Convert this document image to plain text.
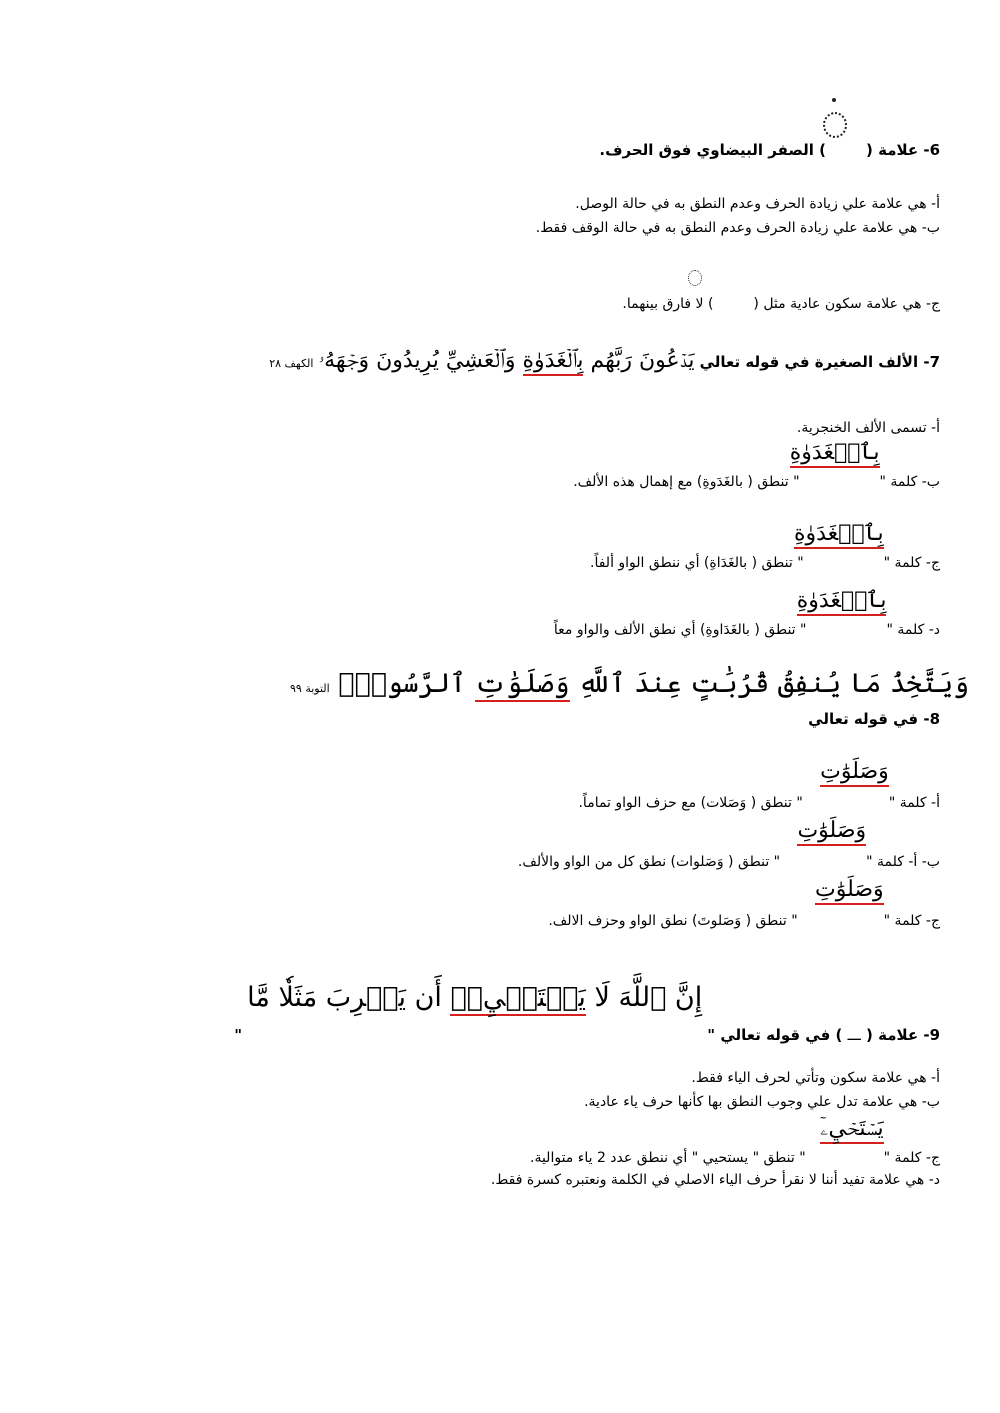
6- علامة () الصفر البيضاوي فوق الحرف.
أ- هي علامة علي زيادة الحرف وعدم النطق به في حالة الوصل.
ب- هي علامة علي زيادة الحرف وعدم النطق به في حالة الوقف فقط.
ج- هي علامة سكون عادية مثل () لا فارق بينهما.
7- الألف الصغيرة في قوله تعالي يَدۡعُونَ رَبَّهُم بِٱلۡغَدَوٰةِ وَٱلۡعَشِيِّ يُرِيدُونَ وَجۡهَهُۥ الكهف ٢٨
أ- تسمى الألف الخنجرية.
ب- كلمة "
بِٱلۡغَدَوٰةِ
" تنطق ( بالغَدَوةِ) مع إهمال هذه الألف.
ج- كلمة "
بِٱلۡغَدَوٰةِ
" تنطق ( بالغَدَاةِ) أي ننطق الواو ألفاً.
د- كلمة "
بِٱلۡغَدَوٰةِ
" تنطق ( بالغَدَاوةِ) أي نطق الألف والواو معاً
وَيَتَّخِذُ مَا يُنفِقُ قُرُبَٰتٍ عِندَ ٱللَّهِ وَصَلَوَٰتِ ٱلرَّسُولِۚ التوبة ٩٩
8- في قوله تعالي
أ- كلمة "
وَصَلَوَٰتِ
" تنطق ( وَصَلات) مع حزف الواو تماماً.
ب- أ- كلمة "
وَصَلَوَٰتِ
" تنطق ( وَصَلوات) نطق كل من الواو والألف.
ج- كلمة "
وَصَلَوَٰتِ
" تنطق ( وَصَلوتَ) نطق الواو وحزف الالف.
9- علامة ( ـــ ) في قوله تعالي " إِنَّ ٱللَّهَ لَا يَسۡتَحۡيِۦٓ أَن يَضۡرِبَ مَثَلٗا مَّا "
أ- هي علامة سكون وتأتي لحرف الياء فقط.
ب- هي علامة تدل علي وجوب النطق بها كأنها حرف ياء عادية.
ج- كلمة "
يَسۡتَحۡيِۦٓ
" تنطق " يستحيي " أي ننطق عدد 2 ياء متوالية.
د- هي علامة تفيد أننا لا نقرأ حرف الياء الاصلي في الكلمة ونعتبره كسرة فقط.
